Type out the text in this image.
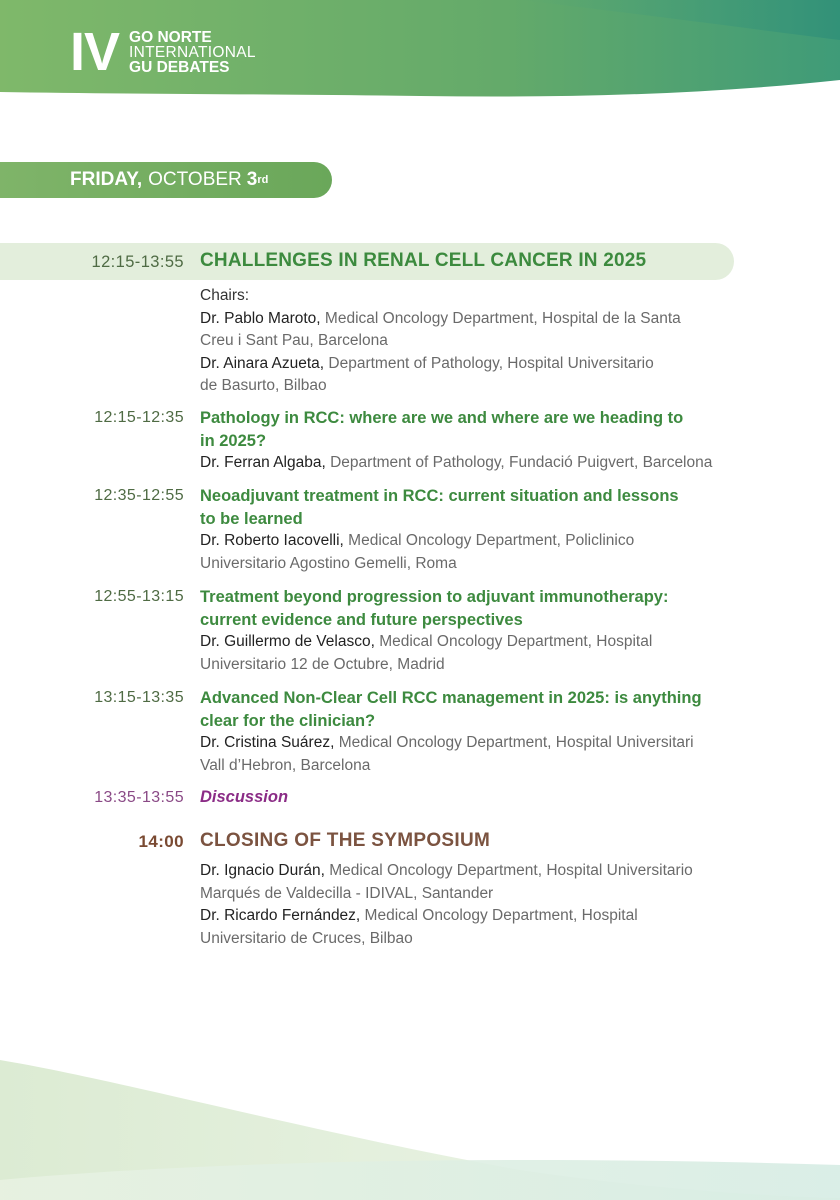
IV GO NORTE
INTERNATIONAL
GU DEBATES
FRIDAY, OCTOBER 3 rd
12:15-13:55 CHALLENGES IN RENAL CELL CANCER IN 2025
Chairs:
Dr. Pablo Maroto, Medical Oncology Department, Hospital de la Santa
Creu i Sant Pau, Barcelona
Dr. Ainara Azueta, Department of Pathology, Hospital Universitario
de Basurto, Bilbao
12:15-12:35 Pathology in RCC: where are we and where are we heading to
in 2025?
Dr. Ferran Algaba, Department of Pathology, Fundació Puigvert, Barcelona
12:35-12:55 Neoadjuvant treatment in RCC: current situation and lessons
to be learned
Dr. Roberto Iacovelli, Medical Oncology Department, Policlinico
Universitario Agostino Gemelli, Roma
12:55-13:15 Treatment beyond progression to adjuvant immunotherapy:
current evidence and future perspectives
Dr. Guillermo de Velasco, Medical Oncology Department, Hospital
Universitario 12 de Octubre, Madrid
13:15-13:35 Advanced Non-Clear Cell RCC management in 2025: is anything
clear for the clinician?
Dr. Cristina Suárez, Medical Oncology Department, Hospital Universitari
Vall d’Hebron, Barcelona
13:35-13:55 Discussion
14:00 CLOSING OF THE SYMPOSIUM
Dr. Ignacio Durán, Medical Oncology Department, Hospital Universitario
Marqués de Valdecilla - IDIVAL, Santander
Dr. Ricardo Fernández, Medical Oncology Department, Hospital
Universitario de Cruces, Bilbao
